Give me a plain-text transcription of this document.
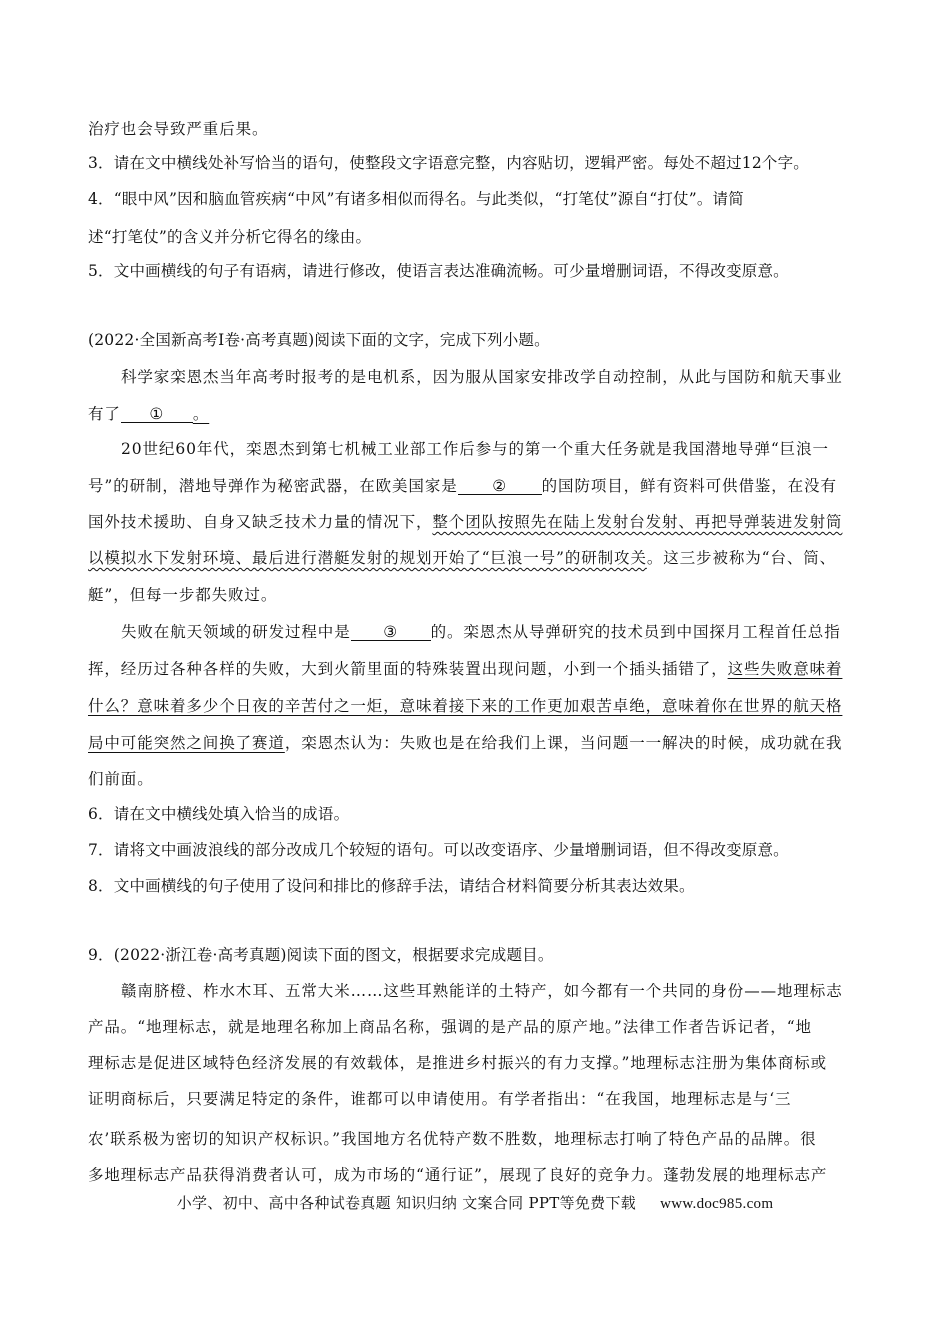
治疗也会导致严重后果。
3．请在文中横线处补写恰当的语句，使整段文字语意完整，内容贴切，逻辑严密。每处不超过12个字。
4．“眼中风”因和脑血管疾病“中风”有诸多相似而得名。与此类似，“打笔仗”源自“打仗”。请简
述“打笔仗”的含义并分析它得名的缘由。
5．文中画横线的句子有语病，请进行修改，使语言表达准确流畅。可少量增删词语，不得改变原意。
(2022·全国新高考I卷·高考真题)阅读下面的文字，完成下列小题。
科学家栾恩杰当年高考时报考的是电机系，因为服从国家安排改学自动控制，从此与国防和航天事业
有了 ① 。
20世纪60年代，栾恩杰到第七机械工业部工作后参与的第一个重大任务就是我国潜地导弹“巨浪一
号”的研制，潜地导弹作为秘密武器，在欧美国家是 ② 的国防项目，鲜有资料可供借鉴，在没有
国外技术援助、自身又缺乏技术力量的情况下，整个团队按照先在陆上发射台发射、再把导弹装进发射筒
以模拟水下发射环境、最后进行潜艇发射的规划开始了“巨浪一号”的研制攻关。这三步被称为“台、筒、
艇”，但每一步都失败过。
失败在航天领域的研发过程中是 ③ 的。栾恩杰从导弹研究的技术员到中国探月工程首任总指
挥，经历过各种各样的失败，大到火箭里面的特殊装置出现问题，小到一个插头插错了，这些失败意味着
什么？意味着多少个日夜的辛苦付之一炬，意味着接下来的工作更加艰苦卓绝，意味着你在世界的航天格
局中可能突然之间换了赛道，栾恩杰认为：失败也是在给我们上课，当问题一一解决的时候，成功就在我
们前面。
6．请在文中横线处填入恰当的成语。
7．请将文中画波浪线的部分改成几个较短的语句。可以改变语序、少量增删词语，但不得改变原意。
8．文中画横线的句子使用了设问和排比的修辞手法，请结合材料简要分析其表达效果。
9．(2022·浙江卷·高考真题)阅读下面的图文，根据要求完成题目。
赣南脐橙、柞水木耳、五常大米……这些耳熟能详的土特产，如今都有一个共同的身份——地理标志
产品。“地理标志，就是地理名称加上商品名称，强调的是产品的原产地。”法律工作者告诉记者，“地
理标志是促进区域特色经济发展的有效载体，是推进乡村振兴的有力支撑。”地理标志注册为集体商标或
证明商标后，只要满足特定的条件，谁都可以申请使用。有学者指出：“在我国，地理标志是与‘三
农’联系极为密切的知识产权标识。”我国地方名优特产数不胜数，地理标志打响了特色产品的品牌。很
多地理标志产品获得消费者认可，成为市场的“通行证”，展现了良好的竞争力。蓬勃发展的地理标志产
小学、初中、高中各种试卷真题 知识归纳 文案合同 PPT等免费下载 www.doc985.com
